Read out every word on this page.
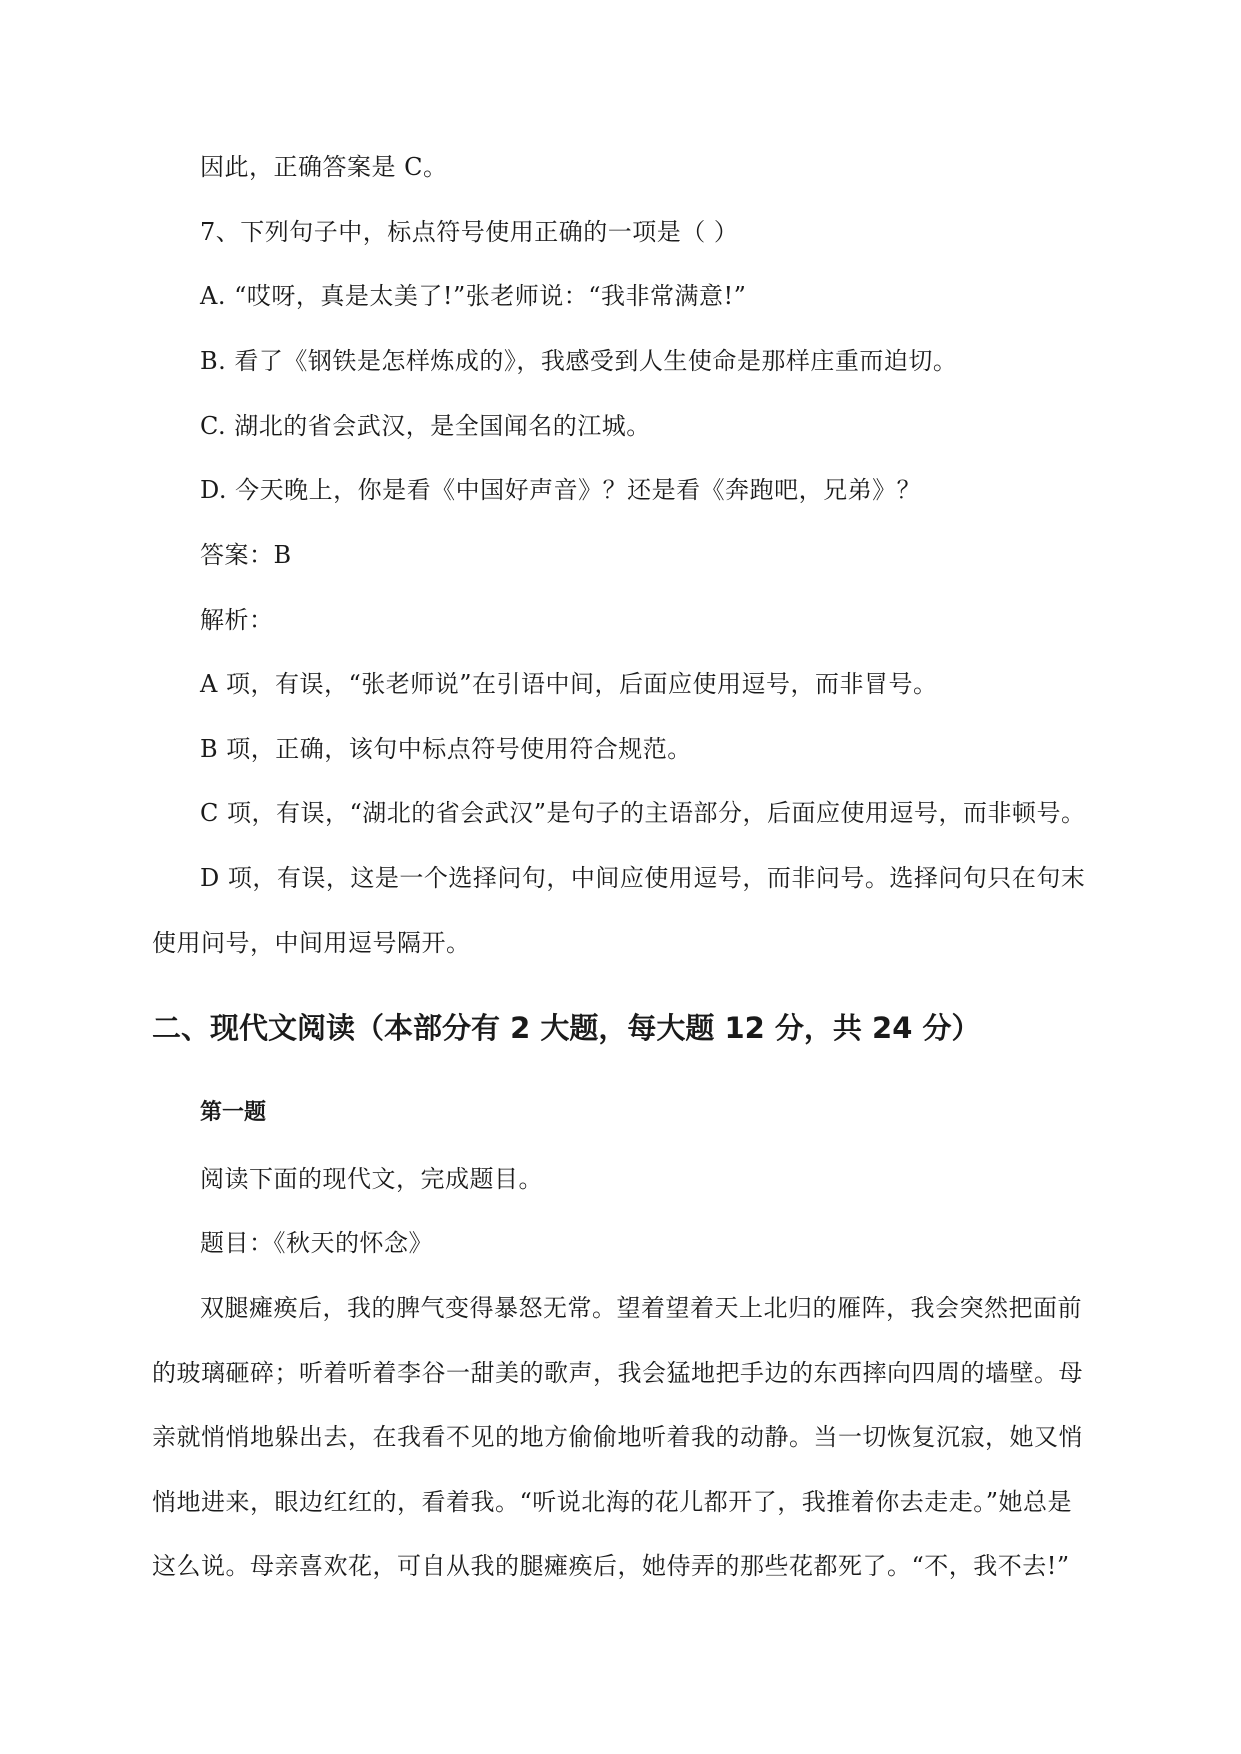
因此，正确答案是 C。
7、下列句子中，标点符号使用正确的一项是（ ）
A. “哎呀，真是太美了!”张老师说：“我非常满意!”
B. 看了《钢铁是怎样炼成的》，我感受到人生使命是那样庄重而迫切。
C. 湖北的省会武汉，是全国闻名的江城。
D. 今天晚上，你是看《中国好声音》？还是看《奔跑吧，兄弟》？
答案：B
解析：
A 项，有误，“张老师说”在引语中间，后面应使用逗号，而非冒号。
B 项，正确，该句中标点符号使用符合规范。
C 项，有误，“湖北的省会武汉”是句子的主语部分，后面应使用逗号，而非顿号。
D 项，有误，这是一个选择问句，中间应使用逗号，而非问号。选择问句只在句末
使用问号，中间用逗号隔开。
二、现代文阅读（本部分有 2 大题，每大题 12 分，共 24 分）
第一题
阅读下面的现代文，完成题目。
题目：《秋天的怀念》
双腿瘫痪后，我的脾气变得暴怒无常。望着望着天上北归的雁阵，我会突然把面前
的玻璃砸碎；听着听着李谷一甜美的歌声，我会猛地把手边的东西摔向四周的墙壁。母
亲就悄悄地躲出去，在我看不见的地方偷偷地听着我的动静。当一切恢复沉寂，她又悄
悄地进来，眼边红红的，看着我。“听说北海的花儿都开了，我推着你去走走。”她总是
这么说。母亲喜欢花，可自从我的腿瘫痪后，她侍弄的那些花都死了。“不，我不去!”
